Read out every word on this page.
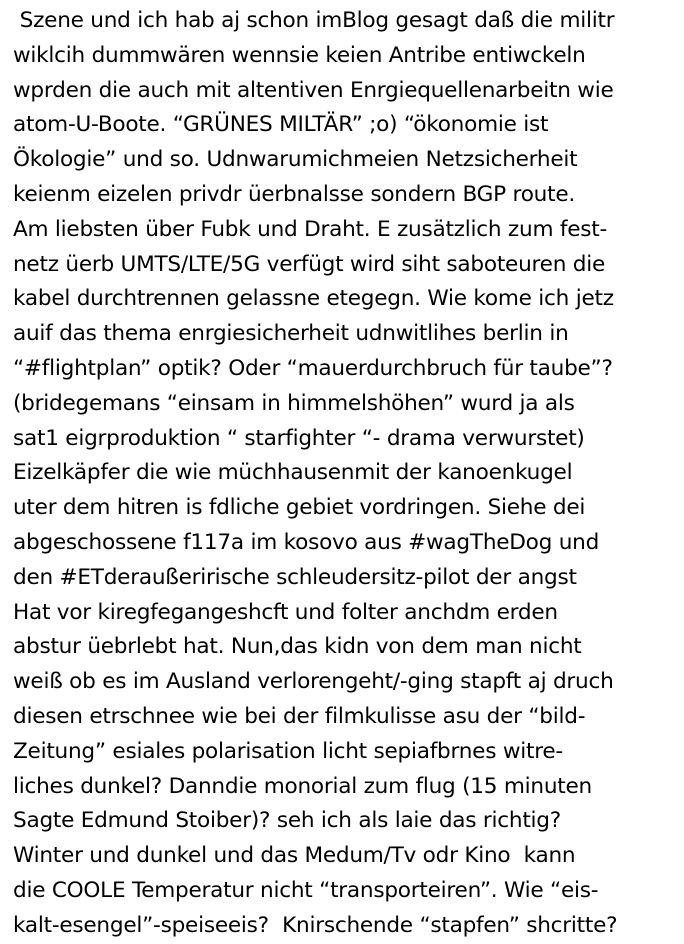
Szene und ich hab aj schon imBlog gesagt daß die militr
wiklcih dummwären wennsie keien Antribe entiwckeln
wprden die auch mit altentiven Enrgiequellenarbeitn wie
atom-U-Boote. “GRÜNES MILTÄR” ;o) “ökonomie ist
Ökologie” und so. Udnwarumichmeien Netzsicherheit
keienm eizelen privdr üerbnalsse sondern BGP route.
Am liebsten über Fubk und Draht. E zusätzlich zum fest-
netz üerb UMTS/LTE/5G verfügt wird siht saboteuren die
kabel durchtrennen gelassne etegegn. Wie kome ich jetz
auif das thema enrgiesicherheit udnwitlihes berlin in
“#flightplan” optik? Oder “mauerdurchbruch für taube”?
(bridegemans “einsam in himmelshöhen” wurd ja als
sat1 eigrproduktion “ starfighter “- drama verwurstet)
Eizelkäpfer die wie müchhausenmit der kanoenkugel
uter dem hitren is fdliche gebiet vordringen. Siehe dei
abgeschossene f117a im kosovo aus #wagTheDog und
den #ETderaußerirische schleudersitz-pilot der angst
Hat vor kiregfegangeshcft und folter anchdm erden
abstur üebrlebt hat. Nun,das kidn von dem man nicht
weiß ob es im Ausland verlorengeht/-ging stapft aj druch
diesen etrschnee wie bei der filmkulisse asu der “bild-
Zeitung” esiales polarisation licht sepiafbrnes witre-
liches dunkel? Danndie monorial zum flug (15 minuten
Sagte Edmund Stoiber)? seh ich als laie das richtig?
Winter und dunkel und das Medum/Tv odr Kino  kann
die COOLE Temperatur nicht “transporteiren”. Wie “eis-
kalt-esengel”-speiseeis?  Knirschende “stapfen” shcritte?
